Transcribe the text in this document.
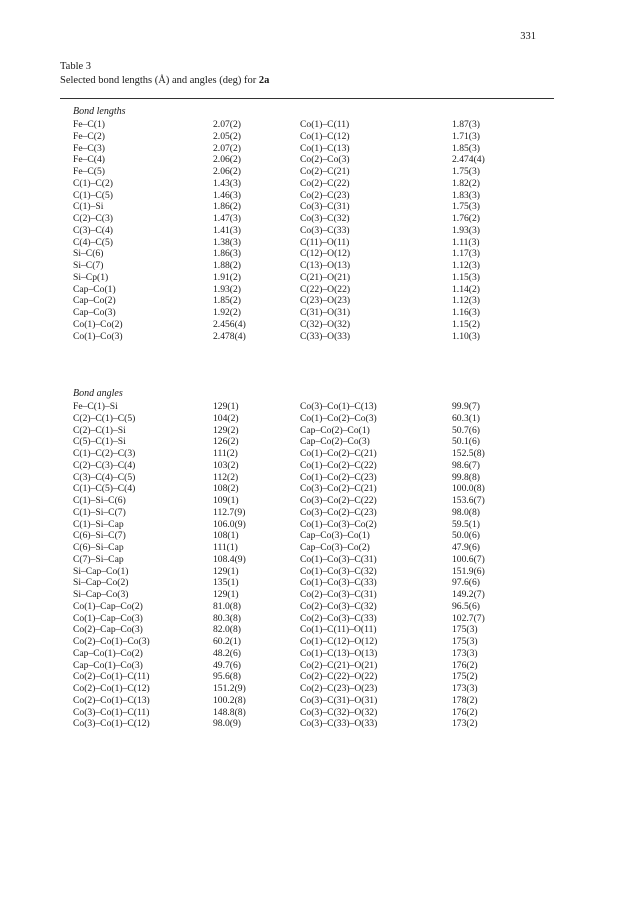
331
Table 3
Selected bond lengths (Å) and angles (deg) for 2a
Bond lengths
Fe–C(1)	2.07(2)	Co(1)–C(11)	1.87(3)
Fe–C(2)	2.05(2)	Co(1)–C(12)	1.71(3)
Fe–C(3)	2.07(2)	Co(1)–C(13)	1.85(3)
Fe–C(4)	2.06(2)	Co(2)–Co(3)	2.474(4)
Fe–C(5)	2.06(2)	Co(2)–C(21)	1.75(3)
C(1)–C(2)	1.43(3)	Co(2)–C(22)	1.82(2)
C(1)–C(5)	1.46(3)	Co(2)–C(23)	1.83(3)
C(1)–Si	1.86(2)	Co(3)–C(31)	1.75(3)
C(2)–C(3)	1.47(3)	Co(3)–C(32)	1.76(2)
C(3)–C(4)	1.41(3)	Co(3)–C(33)	1.93(3)
C(4)–C(5)	1.38(3)	C(11)–O(11)	1.11(3)
Si–C(6)	1.86(3)	C(12)–O(12)	1.17(3)
Si–C(7)	1.88(2)	C(13)–O(13)	1.12(3)
Si–Cp(1)	1.91(2)	C(21)–O(21)	1.15(3)
Cap–Co(1)	1.93(2)	C(22)–O(22)	1.14(2)
Cap–Co(2)	1.85(2)	C(23)–O(23)	1.12(3)
Cap–Co(3)	1.92(2)	C(31)–O(31)	1.16(3)
Co(1)–Co(2)	2.456(4)	C(32)–O(32)	1.15(2)
Co(1)–Co(3)	2.478(4)	C(33)–O(33)	1.10(3)
Bond angles
Fe–C(1)–Si	129(1)	Co(3)–Co(1)–C(13)	99.9(7)
C(2)–C(1)–C(5)	104(2)	Co(1)–Co(2)–Co(3)	60.3(1)
C(2)–C(1)–Si	129(2)	Cap–Co(2)–Co(1)	50.7(6)
C(5)–C(1)–Si	126(2)	Cap–Co(2)–Co(3)	50.1(6)
C(1)–C(2)–C(3)	111(2)	Co(1)–Co(2)–C(21)	152.5(8)
C(2)–C(3)–C(4)	103(2)	Co(1)–Co(2)–C(22)	98.6(7)
C(3)–C(4)–C(5)	112(2)	Co(1)–Co(2)–C(23)	99.8(8)
C(1)–C(5)–C(4)	108(2)	Co(3)–Co(2)–C(21)	100.0(8)
C(1)–Si–C(6)	109(1)	Co(3)–Co(2)–C(22)	153.6(7)
C(1)–Si–C(7)	112.7(9)	Co(3)–Co(2)–C(23)	98.0(8)
C(1)–Si–Cap	106.0(9)	Co(1)–Co(3)–Co(2)	59.5(1)
C(6)–Si–C(7)	108(1)	Cap–Co(3)–Co(1)	50.0(6)
C(6)–Si–Cap	111(1)	Cap–Co(3)–Co(2)	47.9(6)
C(7)–Si–Cap	108.4(9)	Co(1)–Co(3)–C(31)	100.6(7)
Si–Cap–Co(1)	129(1)	Co(1)–Co(3)–C(32)	151.9(6)
Si–Cap–Co(2)	135(1)	Co(1)–Co(3)–C(33)	97.6(6)
Si–Cap–Co(3)	129(1)	Co(2)–Co(3)–C(31)	149.2(7)
Co(1)–Cap–Co(2)	81.0(8)	Co(2)–Co(3)–C(32)	96.5(6)
Co(1)–Cap–Co(3)	80.3(8)	Co(2)–Co(3)–C(33)	102.7(7)
Co(2)–Cap–Co(3)	82.0(8)	Co(1)–C(11)–O(11)	175(3)
Co(2)–Co(1)–Co(3)	60.2(1)	Co(1)–C(12)–O(12)	175(3)
Cap–Co(1)–Co(2)	48.2(6)	Co(1)–C(13)–O(13)	173(3)
Cap–Co(1)–Co(3)	49.7(6)	Co(2)–C(21)–O(21)	176(2)
Co(2)–Co(1)–C(11)	95.6(8)	Co(2)–C(22)–O(22)	175(2)
Co(2)–Co(1)–C(12)	151.2(9)	Co(2)–C(23)–O(23)	173(3)
Co(2)–Co(1)–C(13)	100.2(8)	Co(3)–C(31)–O(31)	178(2)
Co(3)–Co(1)–C(11)	148.8(8)	Co(3)–C(32)–O(32)	176(2)
Co(3)–Co(1)–C(12)	98.0(9)	Co(3)–C(33)–O(33)	173(2)
